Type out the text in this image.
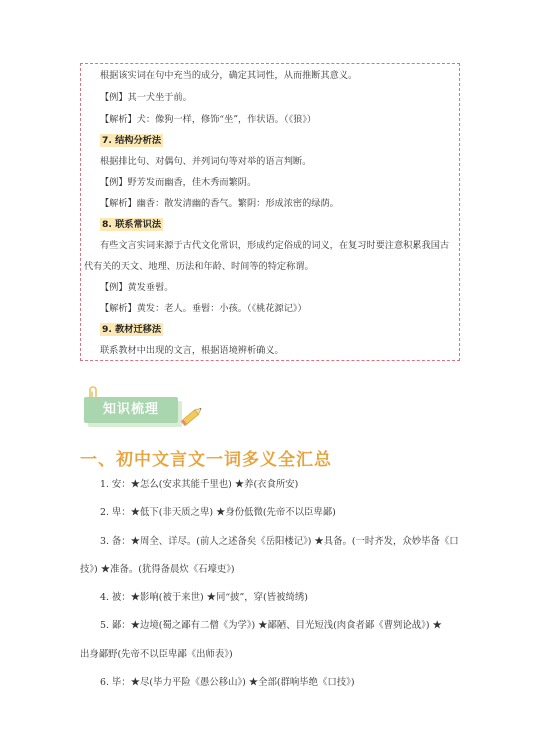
根据该实词在句中充当的成分，确定其词性，从而推断其意义。
【例】其一犬坐于前。
【解析】犬：像狗一样，修饰“坐”，作状语。（《狼》）
7. 结构分析法
根据排比句、对偶句、并列词句等对举的语言判断。
【例】野芳发而幽香，佳木秀而繁阴。
【解析】幽香：散发清幽的香气。繁阴：形成浓密的绿荫。
8. 联系常识法
有些文言实词来源于古代文化常识，形成约定俗成的词义，在复习时要注意积累我国古
代有关的天文、地理、历法和年龄、时间等的特定称谓。
【例】黄发垂髫。
【解析】黄发：老人。垂髫：小孩。（《桃花源记》）
9. 教材迁移法
联系教材中出现的文言，根据语境辨析确义。
知识梳理
一、初中文言文一词多义全汇总
1. 安：★怎么(安求其能千里也) ★养(衣食所安)
2. 卑：★低下(非天质之卑) ★身份低微(先帝不以臣卑鄙)
3. 备：★周全、详尽。(前人之述备矣《岳阳楼记》) ★具备。(一时齐发，众妙毕备《口
技》) ★准备。(犹得备晨炊《石壕吏》)
4. 被：★影响(被于来世) ★同“披”，穿(皆被绮绣)
5. 鄙：★边境(蜀之鄙有二僧《为学》) ★鄙陋、目光短浅(肉食者鄙《曹刿论战》) ★
出身鄙野(先帝不以臣卑鄙《出师表》)
6. 毕：★尽(毕力平险《愚公移山》) ★全部(群响毕绝《口技》)
